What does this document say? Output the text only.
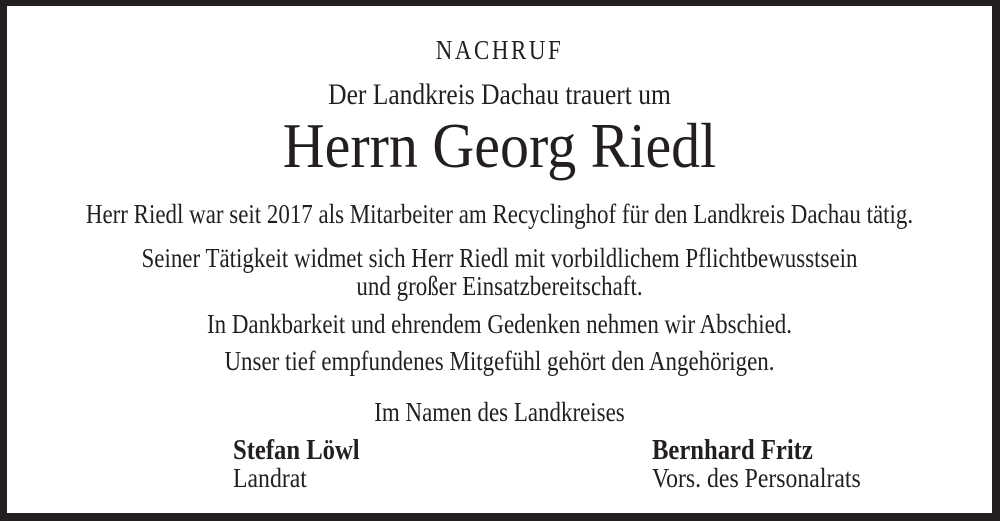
NACHRUF
Der Landkreis Dachau trauert um
Herrn Georg Riedl
Herr Riedl war seit 2017 als Mitarbeiter am Recyclinghof für den Landkreis Dachau tätig.
Seiner Tätigkeit widmet sich Herr Riedl mit vorbildlichem Pflichtbewusstsein
und großer Einsatzbereitschaft.
In Dankbarkeit und ehrendem Gedenken nehmen wir Abschied.
Unser tief empfundenes Mitgefühl gehört den Angehörigen.
Im Namen des Landkreises
Stefan Löwl
Landrat
Bernhard Fritz
Vors. des Personalrats
